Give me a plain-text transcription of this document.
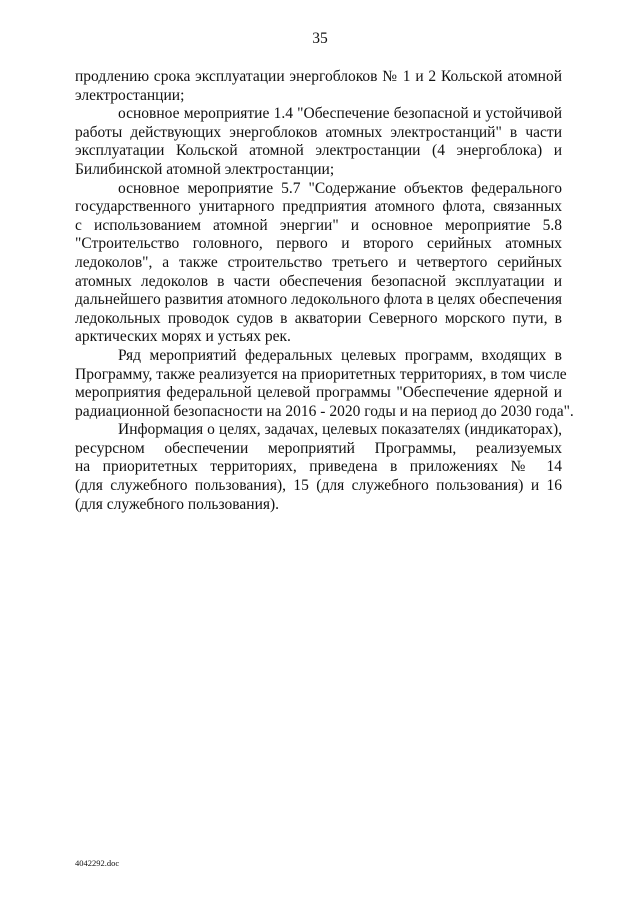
35
продлению срока эксплуатации энергоблоков № 1 и 2 Кольской атомной
электростанции;
основное мероприятие 1.4 "Обеспечение безопасной и устойчивой
работы действующих энергоблоков атомных электростанций" в части
эксплуатации Кольской атомной электростанции (4 энергоблока) и
Билибинской атомной электростанции;
основное мероприятие 5.7 "Содержание объектов федерального
государственного унитарного предприятия атомного флота, связанных
с использованием атомной энергии" и основное мероприятие 5.8
"Строительство головного, первого и второго серийных атомных
ледоколов", а также строительство третьего и четвертого серийных
атомных ледоколов в части обеспечения безопасной эксплуатации и
дальнейшего развития атомного ледокольного флота в целях обеспечения
ледокольных проводок судов в акватории Северного морского пути, в
арктических морях и устьях рек.
Ряд мероприятий федеральных целевых программ, входящих в
Программу, также реализуется на приоритетных территориях, в том числе
мероприятия федеральной целевой программы "Обеспечение ядерной и
радиационной безопасности на 2016 - 2020 годы и на период до 2030 года".
Информация о целях, задачах, целевых показателях (индикаторах),
ресурсном обеспечении мероприятий Программы, реализуемых
на приоритетных территориях, приведена в приложениях № 14
(для служебного пользования), 15 (для служебного пользования) и 16
(для служебного пользования).
4042292.doc
